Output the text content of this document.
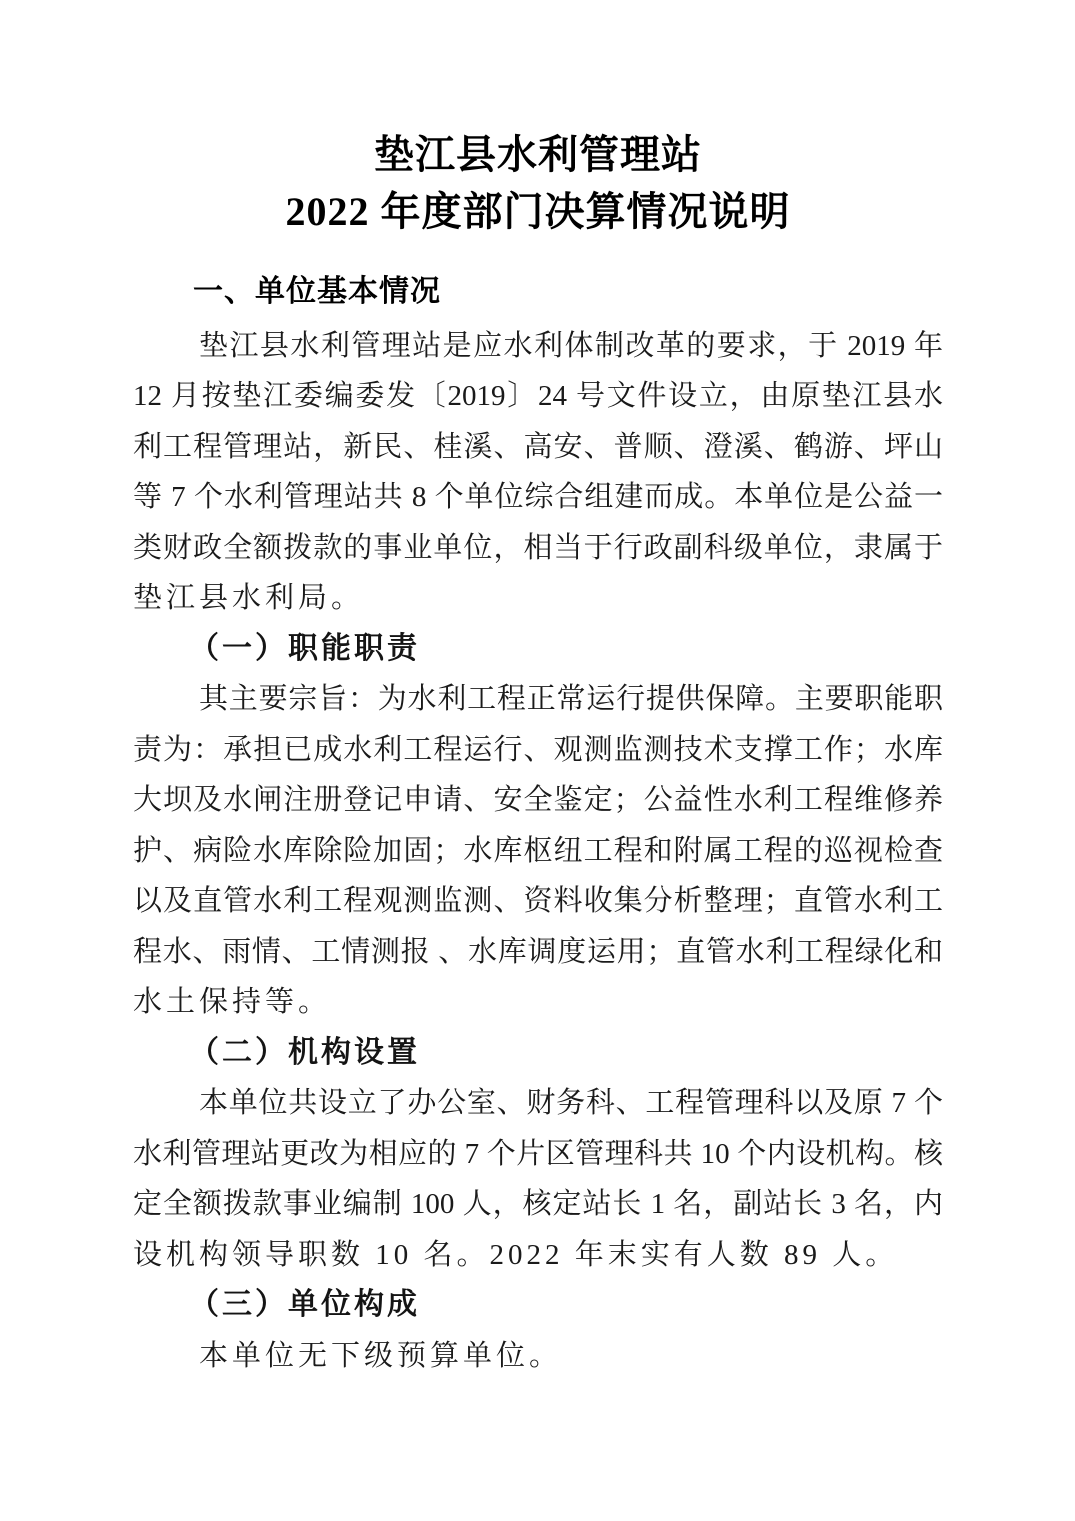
垫江县水利管理站
2022 年度部门决算情况说明
一、单位基本情况
垫江县水利管理站是应水利体制改革的要求，于 2019 年
12 月按垫江委编委发〔2019〕24 号文件设立，由原垫江县水
利工程管理站，新民、桂溪、高安、普顺、澄溪、鹤游、坪山
等 7 个水利管理站共 8 个单位综合组建而成。本单位是公益一
类财政全额拨款的事业单位，相当于行政副科级单位，隶属于
垫江县水利局。
（一）职能职责
其主要宗旨：为水利工程正常运行提供保障。主要职能职
责为：承担已成水利工程运行、观测监测技术支撑工作；水库
大坝及水闸注册登记申请、安全鉴定；公益性水利工程维修养
护、病险水库除险加固；水库枢纽工程和附属工程的巡视检查
以及直管水利工程观测监测、资料收集分析整理；直管水利工
程水、雨情、工情测报 、水库调度运用；直管水利工程绿化和
水土保持等。
（二）机构设置
本单位共设立了办公室、财务科、工程管理科以及原 7 个
水利管理站更改为相应的 7 个片区管理科共 10 个内设机构。核
定全额拨款事业编制 100 人，核定站长 1 名，副站长 3 名，内
设机构领导职数 10 名。2022 年末实有人数 89 人。
（三）单位构成
本单位无下级预算单位。
